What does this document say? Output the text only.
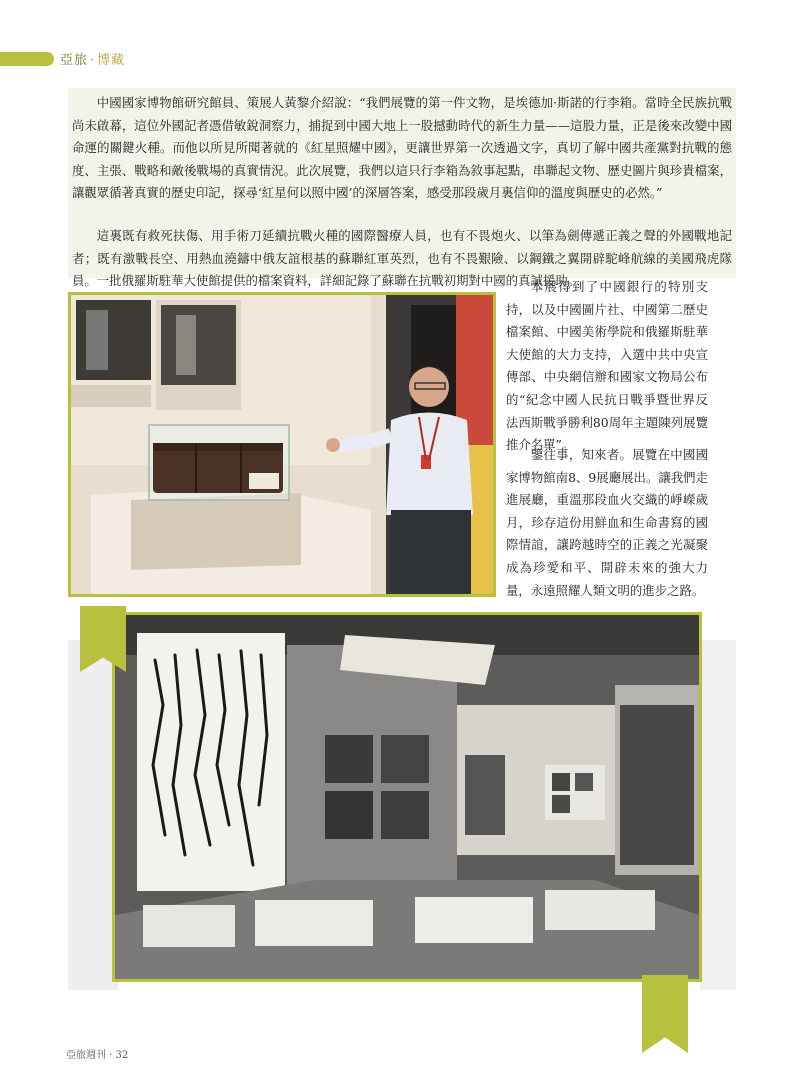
亞旅 · 博藏

中國國家博物館研究館員、策展人黃黎介紹說：“我們展覽的第一件文物，是埃德加·斯諾的行李箱。當時全民族抗戰尚未啟幕，這位外國記者憑借敏銳洞察力，捕捉到中國大地上一股撼動時代的新生力量——這股力量，正是後來改變中國命運的關鍵火種。而他以所見所聞著就的《紅星照耀中國》，更讓世界第一次透過文字，真切了解中國共產黨對抗戰的態度、主張、戰略和敵後戰場的真實情況。此次展覽，我們以這只行李箱為敘事起點，串聯起文物、歷史圖片與珍貴檔案，讓觀眾循著真實的歷史印記，探尋‘紅星何以照中國’的深層答案，感受那段歲月裏信仰的溫度與歷史的必然。”

這裏既有救死扶傷、用手術刀延續抗戰火種的國際醫療人員，也有不畏炮火、以筆為劍傳遞正義之聲的外國戰地記者；既有激戰長空、用熱血澆鑄中俄友誼根基的蘇聯紅軍英烈，也有不畏艱險、以鋼鐵之翼開辟駝峰航線的美國飛虎隊員。一批俄羅斯駐華大使館提供的檔案資料，詳細記錄了蘇聯在抗戰初期對中國的真誠援助。

本展得到了中國銀行的特別支持，以及中國圖片社、中國第二歷史檔案館、中國美術學院和俄羅斯駐華大使館的大力支持，入選中共中央宣傳部、中央網信辦和國家文物局公布的“紀念中國人民抗日戰爭暨世界反法西斯戰爭勝利80周年主題陳列展覽推介名單”。

鑒往事，知來者。展覽在中國國家博物館南8、9展廳展出。讓我們走進展廳，重溫那段血火交織的崢嶸歲月，珍存這份用鮮血和生命書寫的國際情誼，讓跨越時空的正義之光凝聚成為珍愛和平、開辟未來的強大力量，永遠照耀人類文明的進步之路。

亞旅週刊 · 32
